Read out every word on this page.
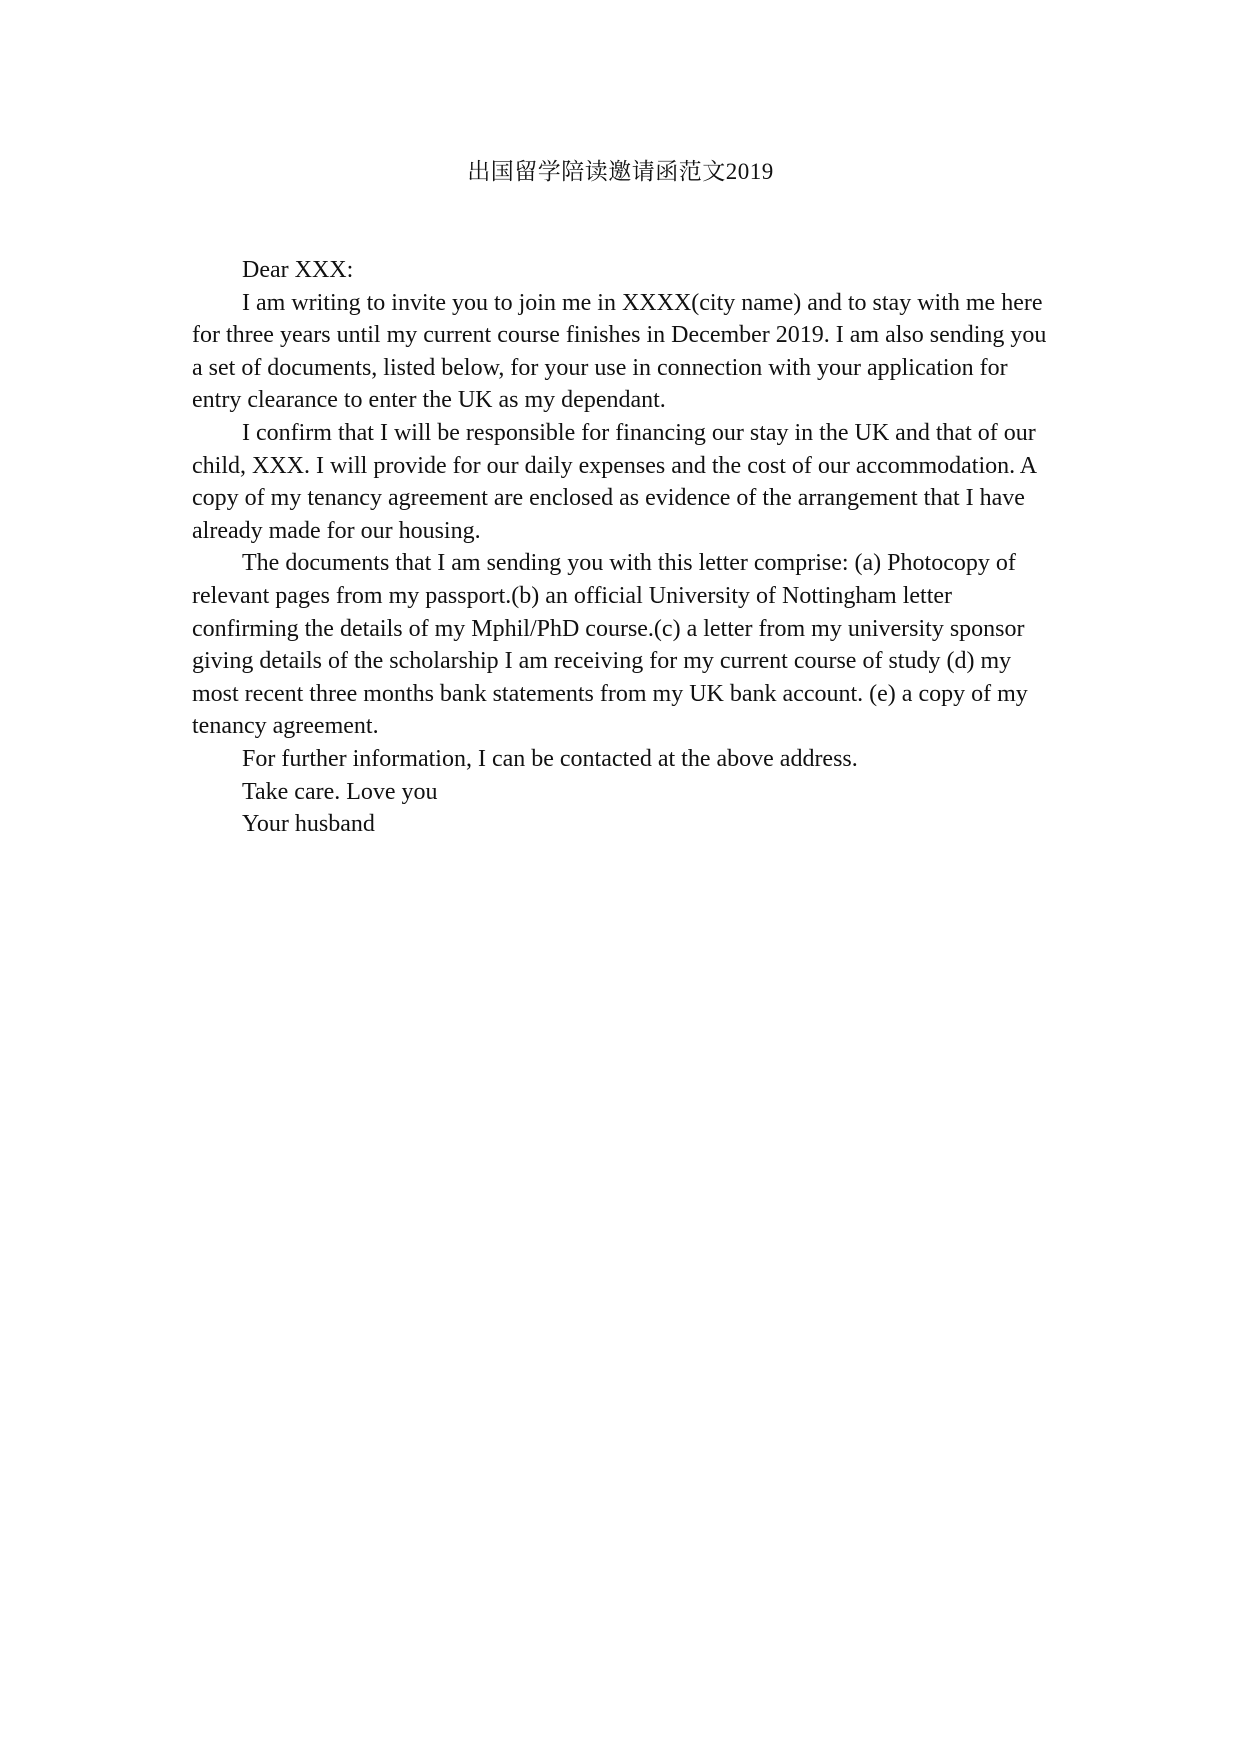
出国留学陪读邀请函范文2019

Dear XXX:

I am writing to invite you to join me in XXXX(city name) and to stay with me here for three years until my current course finishes in December 2019. I am also sending you a set of documents, listed below, for your use in connection with your application for entry clearance to enter the UK as my dependant.

I confirm that I will be responsible for financing our stay in the UK and that of our child, XXX. I will provide for our daily expenses and the cost of our accommodation. A copy of my tenancy agreement are enclosed as evidence of the arrangement that I have already made for our housing.

The documents that I am sending you with this letter comprise: (a) Photocopy of relevant pages from my passport.(b) an official University of Nottingham letter confirming the details of my Mphil/PhD course.(c) a letter from my university sponsor giving details of the scholarship I am receiving for my current course of study (d) my most recent three months bank statements from my UK bank account. (e) a copy of my tenancy agreement.

For further information, I can be contacted at the above address.

Take care. Love you

Your husband
